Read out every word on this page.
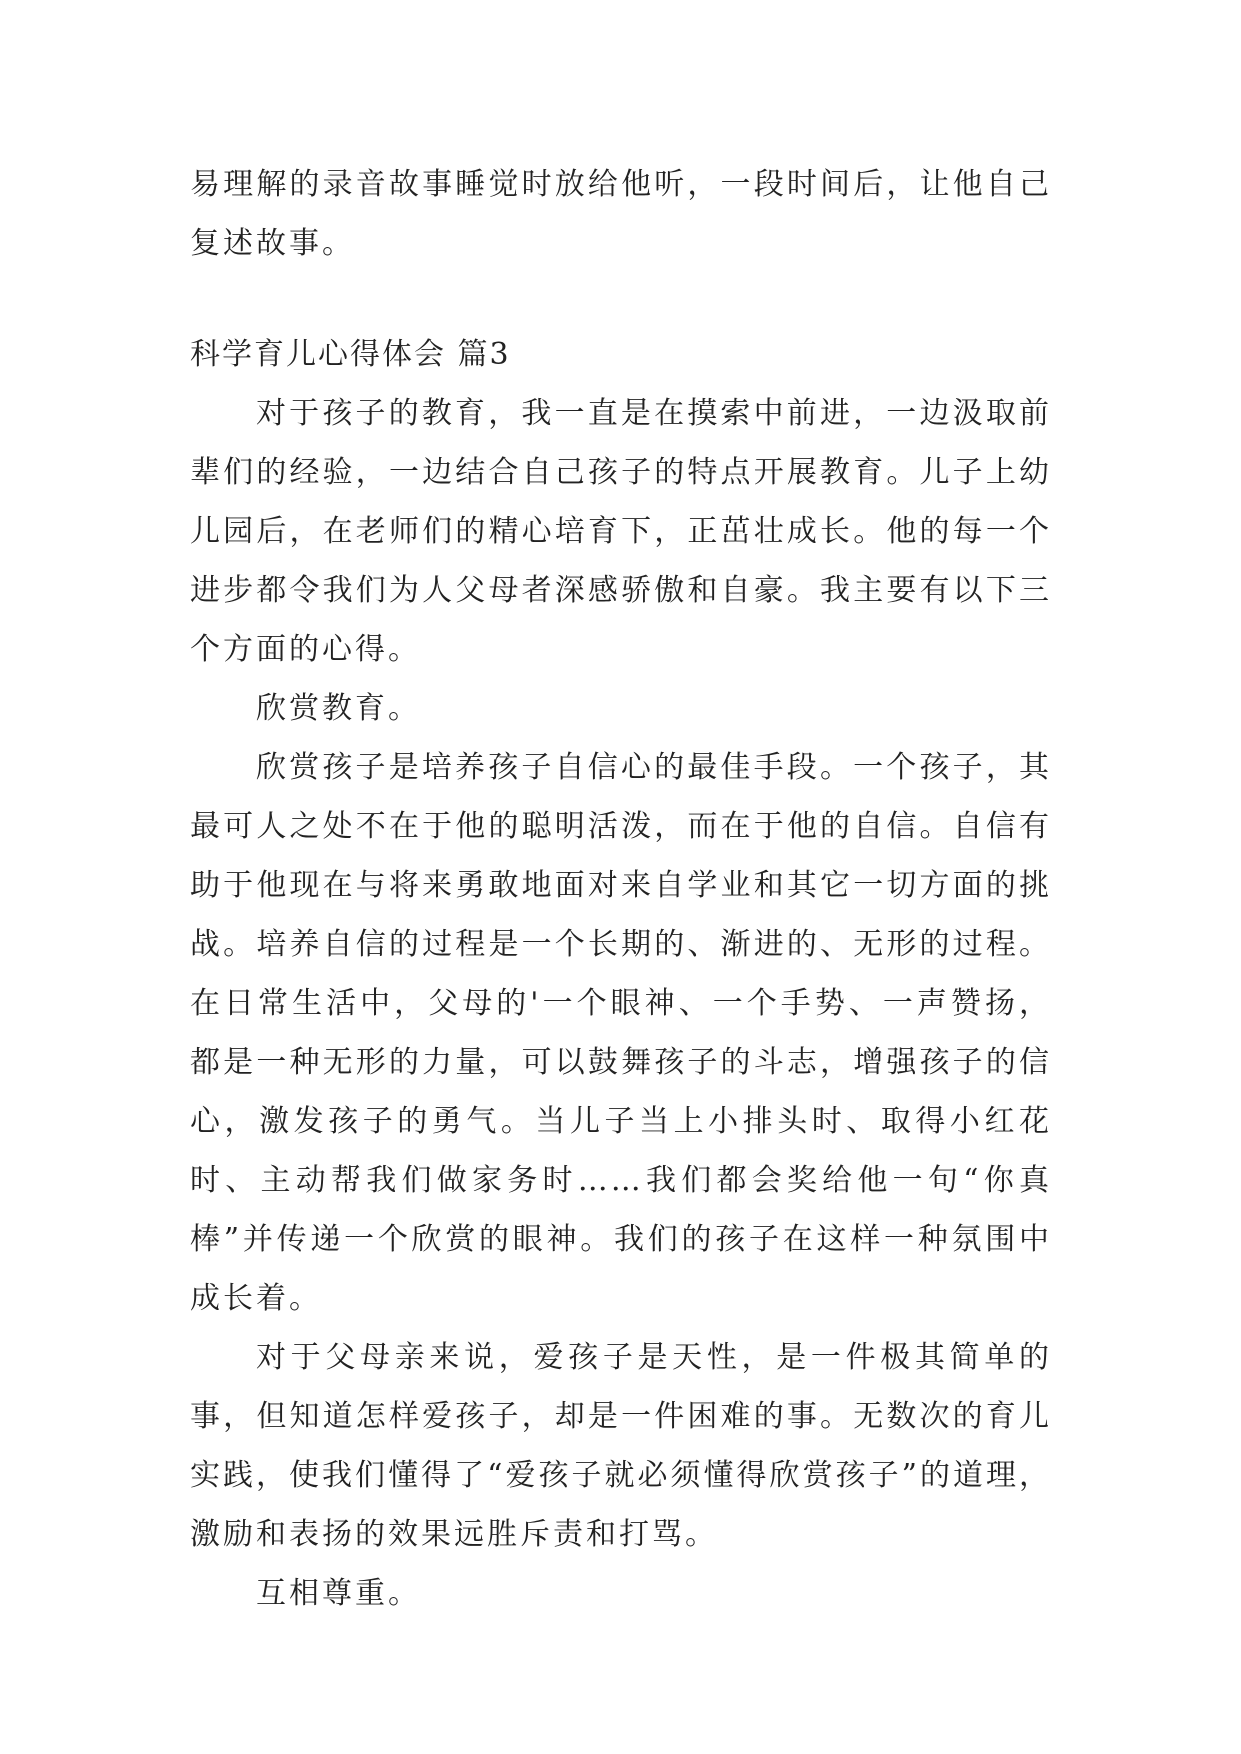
易理解的录音故事睡觉时放给他听，一段时间后，让他自己复述故事。

科学育儿心得体会 篇3

对于孩子的教育，我一直是在摸索中前进，一边汲取前辈们的经验，一边结合自己孩子的特点开展教育。儿子上幼儿园后，在老师们的精心培育下，正茁壮成长。他的每一个进步都令我们为人父母者深感骄傲和自豪。我主要有以下三个方面的心得。

欣赏教育。

欣赏孩子是培养孩子自信心的最佳手段。一个孩子，其最可人之处不在于他的聪明活泼，而在于他的自信。自信有助于他现在与将来勇敢地面对来自学业和其它一切方面的挑战。培养自信的过程是一个长期的、渐进的、无形的过程。在日常生活中，父母的'一个眼神、一个手势、一声赞扬，都是一种无形的力量，可以鼓舞孩子的斗志，增强孩子的信心，激发孩子的勇气。当儿子当上小排头时、取得小红花时、主动帮我们做家务时……我们都会奖给他一句“你真棒”并传递一个欣赏的眼神。我们的孩子在这样一种氛围中成长着。

对于父母亲来说，爱孩子是天性，是一件极其简单的事，但知道怎样爱孩子，却是一件困难的事。无数次的育儿实践，使我们懂得了“爱孩子就必须懂得欣赏孩子”的道理，激励和表扬的效果远胜斥责和打骂。

互相尊重。
